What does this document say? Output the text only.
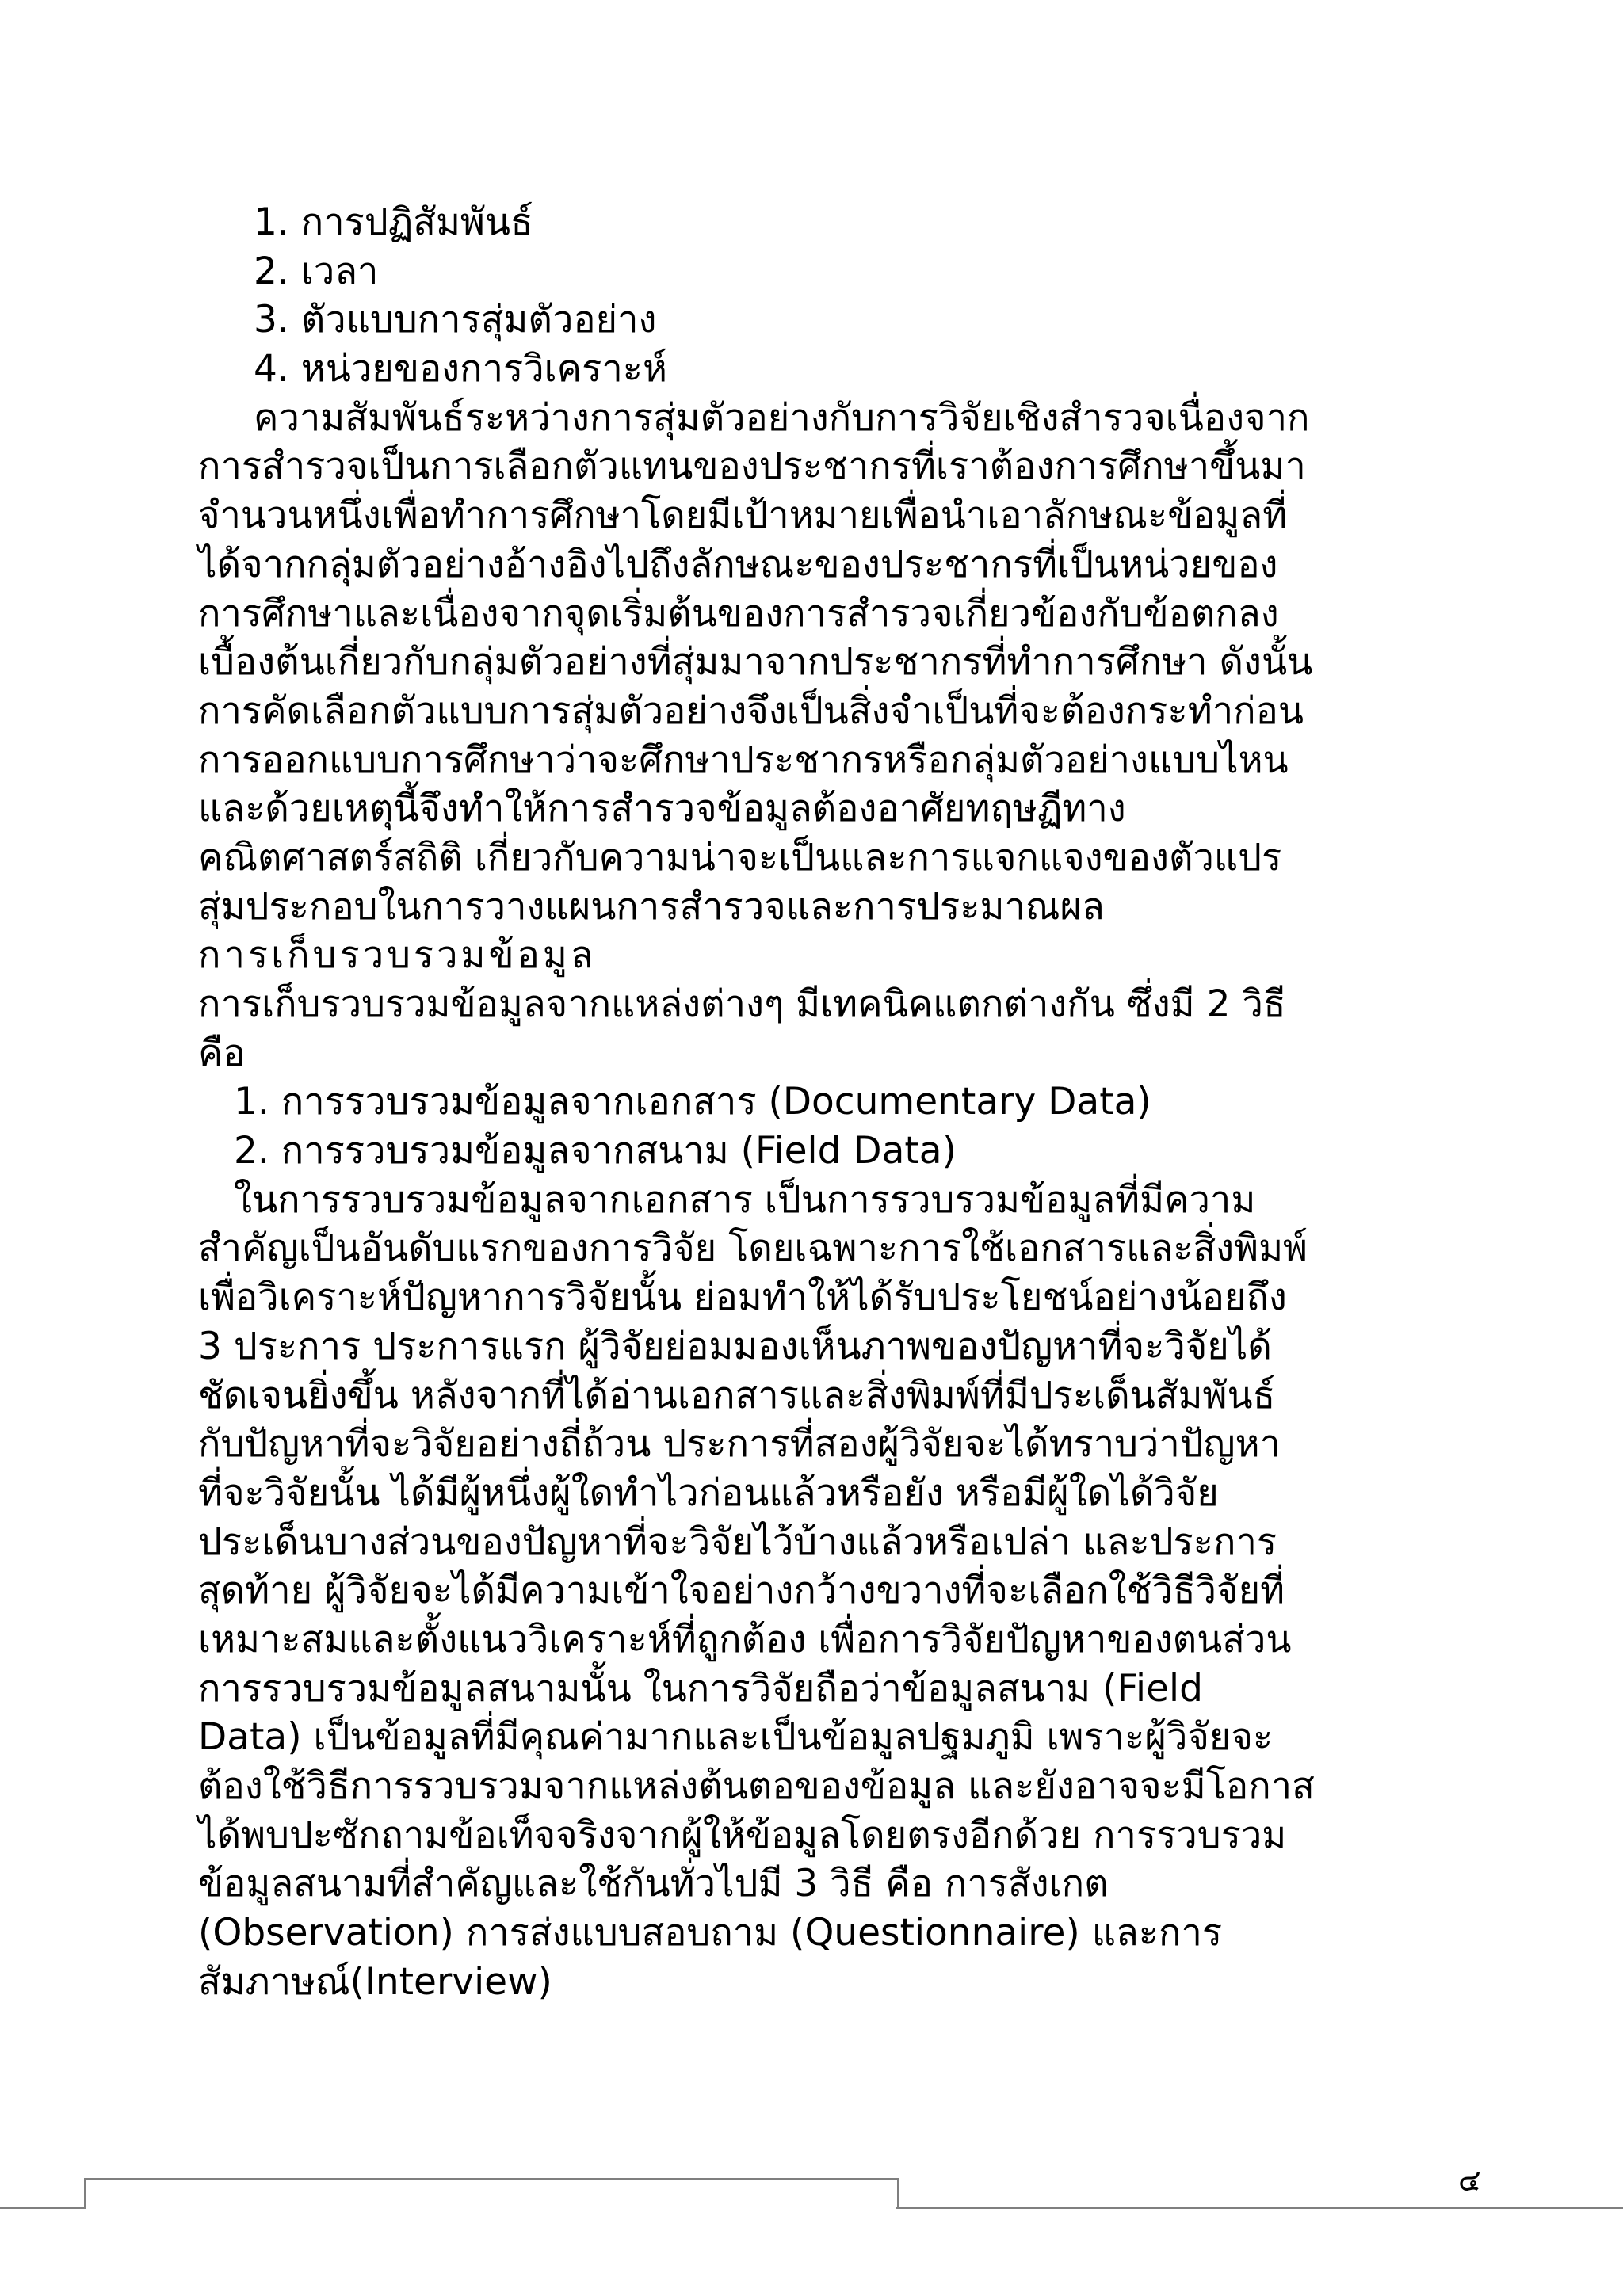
1. การปฏิสัมพันธ์
2. เวลา
3. ตัวแบบการสุ่มตัวอย่าง
4. หน่วยของการวิเคราะห์
ความสัมพันธ์ระหว่างการสุ่มตัวอย่างกับการวิจัยเชิงสำรวจเนื่องจาก
การสำรวจเป็นการเลือกตัวแทนของประชากรที่เราต้องการศึกษาขึ้นมา
จำนวนหนึ่งเพื่อทำการศึกษาโดยมีเป้าหมายเพื่อนำเอาลักษณะข้อมูลที่
ได้จากกลุ่มตัวอย่างอ้างอิงไปถึงลักษณะของประชากรที่เป็นหน่วยของ
การศึกษาและเนื่องจากจุดเริ่มต้นของการสำรวจเกี่ยวข้องกับข้อตกลง
เบื้องต้นเกี่ยวกับกลุ่มตัวอย่างที่สุ่มมาจากประชากรที่ทำการศึกษา ดังนั้น
การคัดเลือกตัวแบบการสุ่มตัวอย่างจึงเป็นสิ่งจำเป็นที่จะต้องกระทำก่อน
การออกแบบการศึกษาว่าจะศึกษาประชากรหรือกลุ่มตัวอย่างแบบไหน
และด้วยเหตุนี้จึงทำให้การสำรวจข้อมูลต้องอาศัยทฤษฏีทาง
คณิตศาสตร์สถิติ เกี่ยวกับความน่าจะเป็นและการแจกแจงของตัวแปร
สุ่มประกอบในการวางแผนการสำรวจและการประมาณผล
การเก็บรวบรวมข้อมูล
การเก็บรวบรวมข้อมูลจากแหล่งต่างๆ มีเทคนิคแตกต่างกัน ซึ่งมี 2 วิธี
คือ
1. การรวบรวมข้อมูลจากเอกสาร (Documentary Data)
2. การรวบรวมข้อมูลจากสนาม (Field Data)
ในการรวบรวมข้อมูลจากเอกสาร เป็นการรวบรวมข้อมูลที่มีความ
สำคัญเป็นอันดับแรกของการวิจัย โดยเฉพาะการใช้เอกสารและสิ่งพิมพ์
เพื่อวิเคราะห์ปัญหาการวิจัยนั้น ย่อมทำให้ได้รับประโยชน์อย่างน้อยถึง
3 ประการ ประการแรก ผู้วิจัยย่อมมองเห็นภาพของปัญหาที่จะวิจัยได้
ชัดเจนยิ่งขึ้น หลังจากที่ได้อ่านเอกสารและสิ่งพิมพ์ที่มีประเด็นสัมพันธ์
กับปัญหาที่จะวิจัยอย่างถี่ถ้วน ประการที่สองผู้วิจัยจะได้ทราบว่าปัญหา
ที่จะวิจัยนั้น ได้มีผู้หนึ่งผู้ใดทำไวก่อนแล้วหรือยัง หรือมีผู้ใดได้วิจัย
ประเด็นบางส่วนของปัญหาที่จะวิจัยไว้บ้างแล้วหรือเปล่า และประการ
สุดท้าย ผู้วิจัยจะได้มีความเข้าใจอย่างกว้างขวางที่จะเลือกใช้วิธีวิจัยที่
เหมาะสมและตั้งแนววิเคราะห์ที่ถูกต้อง เพื่อการวิจัยปัญหาของตนส่วน
การรวบรวมข้อมูลสนามนั้น ในการวิจัยถือว่าข้อมูลสนาม (Field
Data) เป็นข้อมูลที่มีคุณค่ามากและเป็นข้อมูลปฐมภูมิ เพราะผู้วิจัยจะ
ต้องใช้วิธีการรวบรวมจากแหล่งต้นตอของข้อมูล และยังอาจจะมีโอกาส
ได้พบปะซักถามข้อเท็จจริงจากผู้ให้ข้อมูลโดยตรงอีกด้วย การรวบรวม
ข้อมูลสนามที่สำคัญและใช้กันทั่วไปมี 3 วิธี คือ การสังเกต
(Observation) การส่งแบบสอบถาม (Questionnaire) และการ
สัมภาษณ์(Interview)
๔
